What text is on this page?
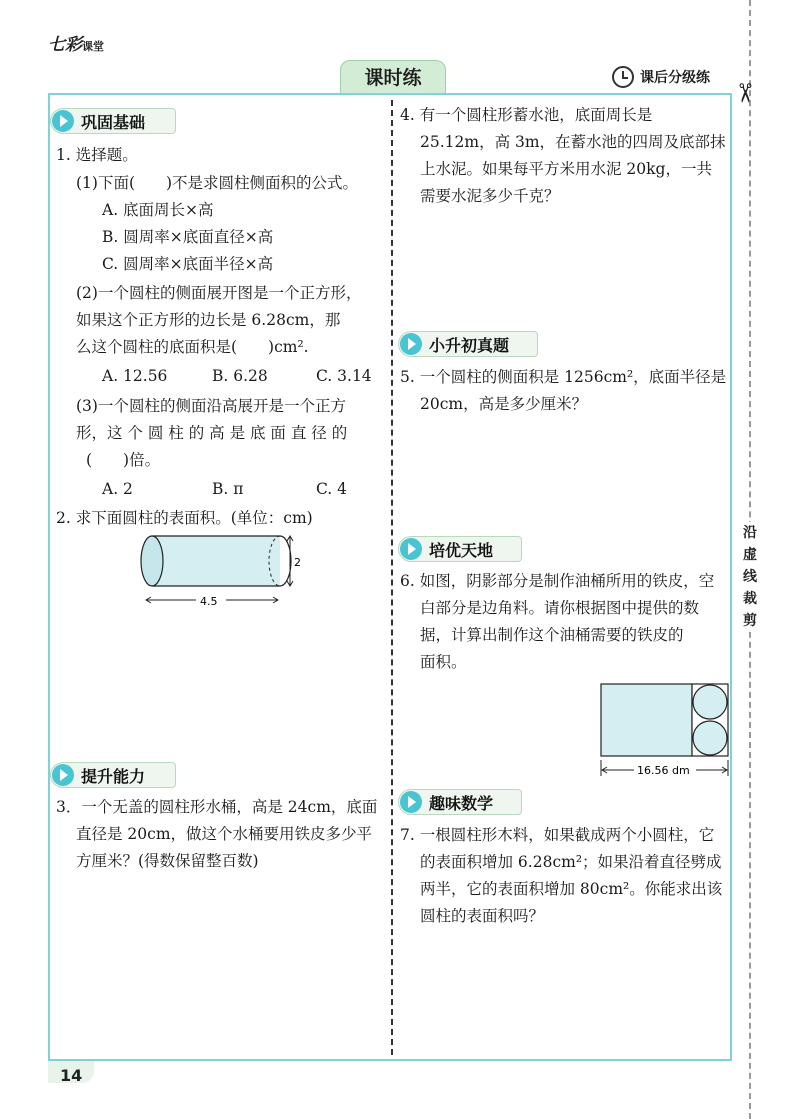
七彩课堂
课时练	课后分级练
✂
沿
虚
线
裁
剪
巩固基础
1. 选择题。
(1)下面(　　)不是求圆柱侧面积的公式。
A. 底面周长×高
B. 圆周率×底面直径×高
C. 圆周率×底面半径×高
(2)一个圆柱的侧面展开图是一个正方形，
如果这个正方形的边长是 6.28cm，那
么这个圆柱的底面积是(　　)cm².
A. 12.56	B. 6.28	C. 3.14
(3)一个圆柱的侧面沿高展开是一个正方
形，这 个 圆 柱 的 高 是 底 面 直 径 的
(　　)倍。
A. 2	B. π	C. 4
2. 求下面圆柱的表面积。(单位：cm)
2
4.5
提升能力
3．一个无盖的圆柱形水桶，高是 24cm，底面
直径是 20cm，做这个水桶要用铁皮多少平
方厘米？(得数保留整百数)
4. 有一个圆柱形蓄水池，底面周长是
25.12m，高 3m，在蓄水池的四周及底部抹
上水泥。如果每平方米用水泥 20kg，一共
需要水泥多少千克？
小升初真题
5. 一个圆柱的侧面积是 1256cm²，底面半径是
20cm，高是多少厘米？
培优天地
6. 如图，阴影部分是制作油桶所用的铁皮，空
白部分是边角料。请你根据图中提供的数
据，计算出制作这个油桶需要的铁皮的
面积。
16.56 dm
趣味数学
7. 一根圆柱形木料，如果截成两个小圆柱，它
的表面积增加 6.28cm²；如果沿着直径劈成
两半，它的表面积增加 80cm²。你能求出该
圆柱的表面积吗？
14
